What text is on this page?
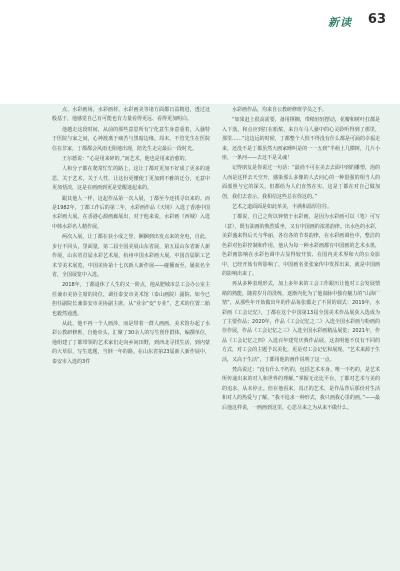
新读 63

点、水彩画场、水彩画材、水彩画美等诸方面都日益精进，透过这般基于，他感觉自己有可能也有力量看得更远、看得更加明白。

他越走这段时间，从前的那些意思所有宁化意生身意重着，入骚特于医院与家之间，心神渡离于痛苦与黑暗边缘。周末，不管先生在医院住在非家，丁都都会风雨无阻地出现，陪先生走完最后一段时光。

王尔德说：“心是用来碎的。”而艺术，他也是用来治愈的。

人和分子都在爬常忙忙的路上，这让丁都对更加不好成了更多的迷思，关于艺术，关于人性，让这份更懂使丁更加到不雅的迁分，无意中更加恬淡，这是在画画到更是觉醒迷起来的。

跟其他人一样，这起作品第一次入展，丁都至今还找寻出来的。而是1982年，丁都工作后的第二年，水彩画作品《天境》入选了香港中国水彩画大展。在香港心源画廊展出，对于他来说，水彩画《西城》入选中韩水彩名人精作展。

两次入展，让丁都在获小成之誉，捆捆到出发点来的充电，自此，步行不回头，里面量，第二届全国美展山东省展，第五届山东省新人新作展，山东省首届水彩艺术展，杭州中国水彩画大展，中国首届职工艺术节美术展览，中国美协第十七次新人新作展——碰播而至，屡获名全省，全国展览中入选。

2018年，丁都退休了人生的又一阶点，他从肥城市总工会办公室主任兼市美协主席的岗位，调任泰安市美术馆（泰山画院）副院、如今已担任副院长兼泰安市美协副主席，从“业余”变“专业”，艺术的位置二胎也毅然通透。

从此，他不再一个人画涉，而是带着一群人画画。美术馆办起了水彩公教研修班，自他牵头，汇聚了30余人的写生创作群体，编撰单位，他组建了丁都带领的艺术家们走向乡间田野，到西北寻找生活，到内蒙的大草原，写生选题，当倒一年的路。在山东省第23届新人新作展中，泰安市入选的3件

水彩画作品，均来自公教研修班学员之手。

“如果赶上很高需要，备用撑搁，带稍轻轻摆动，花瓣和树叶扛都是入下落，和点应到打在船桨，来自车马人骚中的心灵聆听得到了那里，那里……”这边远的时候，丁都整个人恨不得没有什么都是可涌的幸福走来，还没不是丁都虽然大画家睡叫是的一一五到“半萌上几横树，几片小座，一条河——去这不是灵魂！

记得朋友是你说过一句话：“最尚不可在美去去面中到的雕塑，泡的人而是这样去天空开，感染那么多像的人去问心的一种很强的相当人的面部照与它的深关，但都给为人们直然在实、这是丁都在对自己做加创，我们去表示。我相信这些总在你这的。”

艺术之道面面是如此单美，丰满和温厚往往。

丁都说，自己之所以钟情于水彩画，是因为水彩画可以（笔）可写（意），既有油画的熟烈质坐，又有中国画的浓墨韵律。出水色的水彩，美彩盛来得后天与华丽，各有各的节奏韵律，在水彩画调色中，整洁的色彩对色彩控制和作用，他认为每一种水彩画都有中国画的艺术水墨，色彩画影响在水彩色调中占显得较开放、在国内美术界和大的公众影中，已经开始有所影响了，中国画名张张家传中发挥出来，就是中国画的影响出来了。

再从多种表现形式，加上多年来的工会工作跟历让他对工会发展情绪的熟能，随着岁月的洗练，逐渐内化为了他血脉中独有魅力的“山海厂情”，从那些年开始做出年的作品每张都走了不同的调式：2019年，水彩画《工会记忆》，丁都在这个中国第13届全国美术作品展获入选成为了主要作品；2020年，作品《工会记忆之二》入选全国水彩画与粉画的佳作展，作品《工会记忆之三》入选全国水彩画精品展览；2021年，作品《工会记忆之四》入选百年建党庆典作品展。这表明他不仅有不同的方式，对工会的主题予以美化，更是对工会记忆和展现。“艺术来源于生活，又高于生活”，丁都用他的画作说明了这一点。

梵高说过：“没有什么不朽的，包括艺术本身。唯一不朽的，是艺术所传递出来的对人和世界的理解。”掌握无论比平台，丁都对艺术与美的的追求，从未停止。但在他看来，真正的艺术，是作品背后那份对生活和对人的热爱与了解。“我不追求一种形式，我只画我心里的画。”——最后他这样说，一画画到这里，心思尽来之为从来不做什么。
